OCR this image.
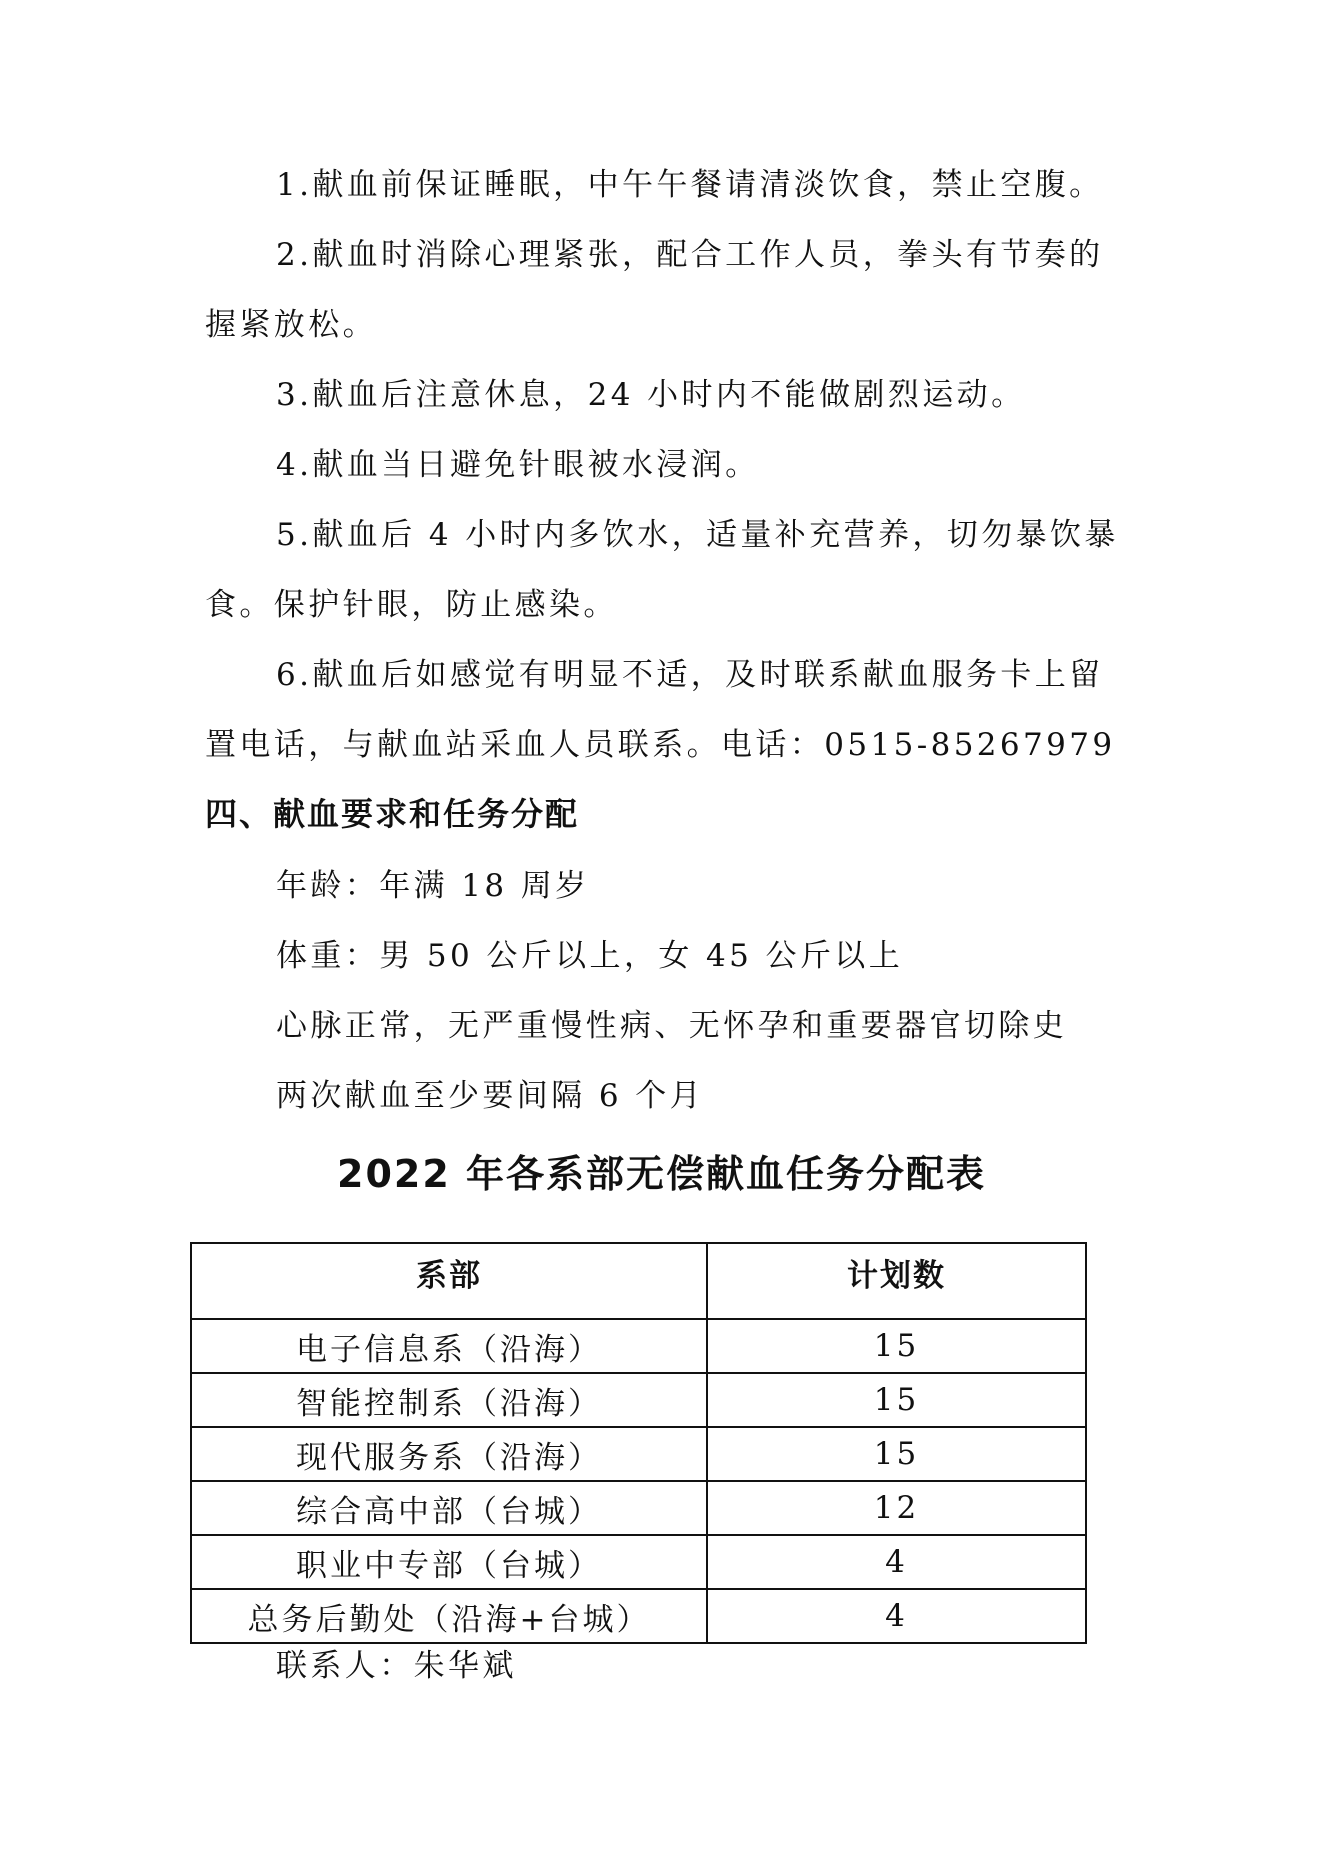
1.献血前保证睡眠，中午午餐请清淡饮食，禁止空腹。

2.献血时消除心理紧张，配合工作人员，拳头有节奏的握紧放松。

3.献血后注意休息，24 小时内不能做剧烈运动。

4.献血当日避免针眼被水浸润。

5.献血后 4 小时内多饮水，适量补充营养，切勿暴饮暴食。保护针眼，防止感染。

6.献血后如感觉有明显不适，及时联系献血服务卡上留置电话，与献血站采血人员联系。电话：0515-85267979

四、献血要求和任务分配

年龄：年满 18 周岁

体重：男 50 公斤以上，女 45 公斤以上

心脉正常，无严重慢性病、无怀孕和重要器官切除史

两次献血至少要间隔 6 个月

2022 年各系部无偿献血任务分配表
系部	计划数
电子信息系（沿海）	15
智能控制系（沿海）	15
现代服务系（沿海）	15
综合高中部（台城）	12
职业中专部（台城）	4
总务后勤处（沿海+台城）	4

联系人：朱华斌
